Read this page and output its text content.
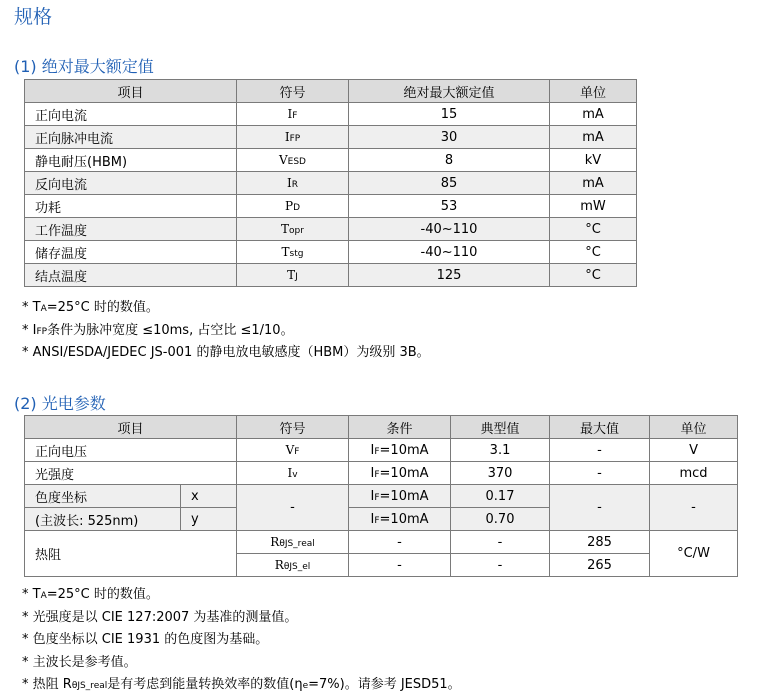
规格
(1) 绝对最大额定值
项目	符号	绝对最大额定值	单位
正向电流	IF	15	mA
正向脉冲电流	IFP	30	mA
静电耐压(HBM)	VESD	8	kV
反向电流	IR	85	mA
功耗	PD	53	mW
工作温度	Topr	-40~110	°C
储存温度	Tstg	-40~110	°C
结点温度	TJ	125	°C
* TA=25°C 时的数值。
* IFP条件为脉冲宽度 ≤10ms, 占空比 ≤1/10。
* ANSI/ESDA/JEDEC JS-001 的静电放电敏感度（HBM）为级别 3B。
(2) 光电参数
项目		符号	条件	典型值	最大值	单位
正向电压		VF	IF=10mA	3.1	-	V
光强度		Iv	IF=10mA	370	-	mcd
色度坐标	x	-	IF=10mA	0.17	-	-
(主波长: 525nm)	y		IF=10mA	0.70		
热阻		RθJS_real	-	-	285	°C/W
		RθJS_el	-	-	265	
* TA=25°C 时的数值。
* 光强度是以 CIE 127:2007 为基准的测量值。
* 色度坐标以 CIE 1931 的色度图为基础。
* 主波长是参考值。
* 热阻 RθJS_real是有考虑到能量转换效率的数值(ηe=7%)。请参考 JESD51。
